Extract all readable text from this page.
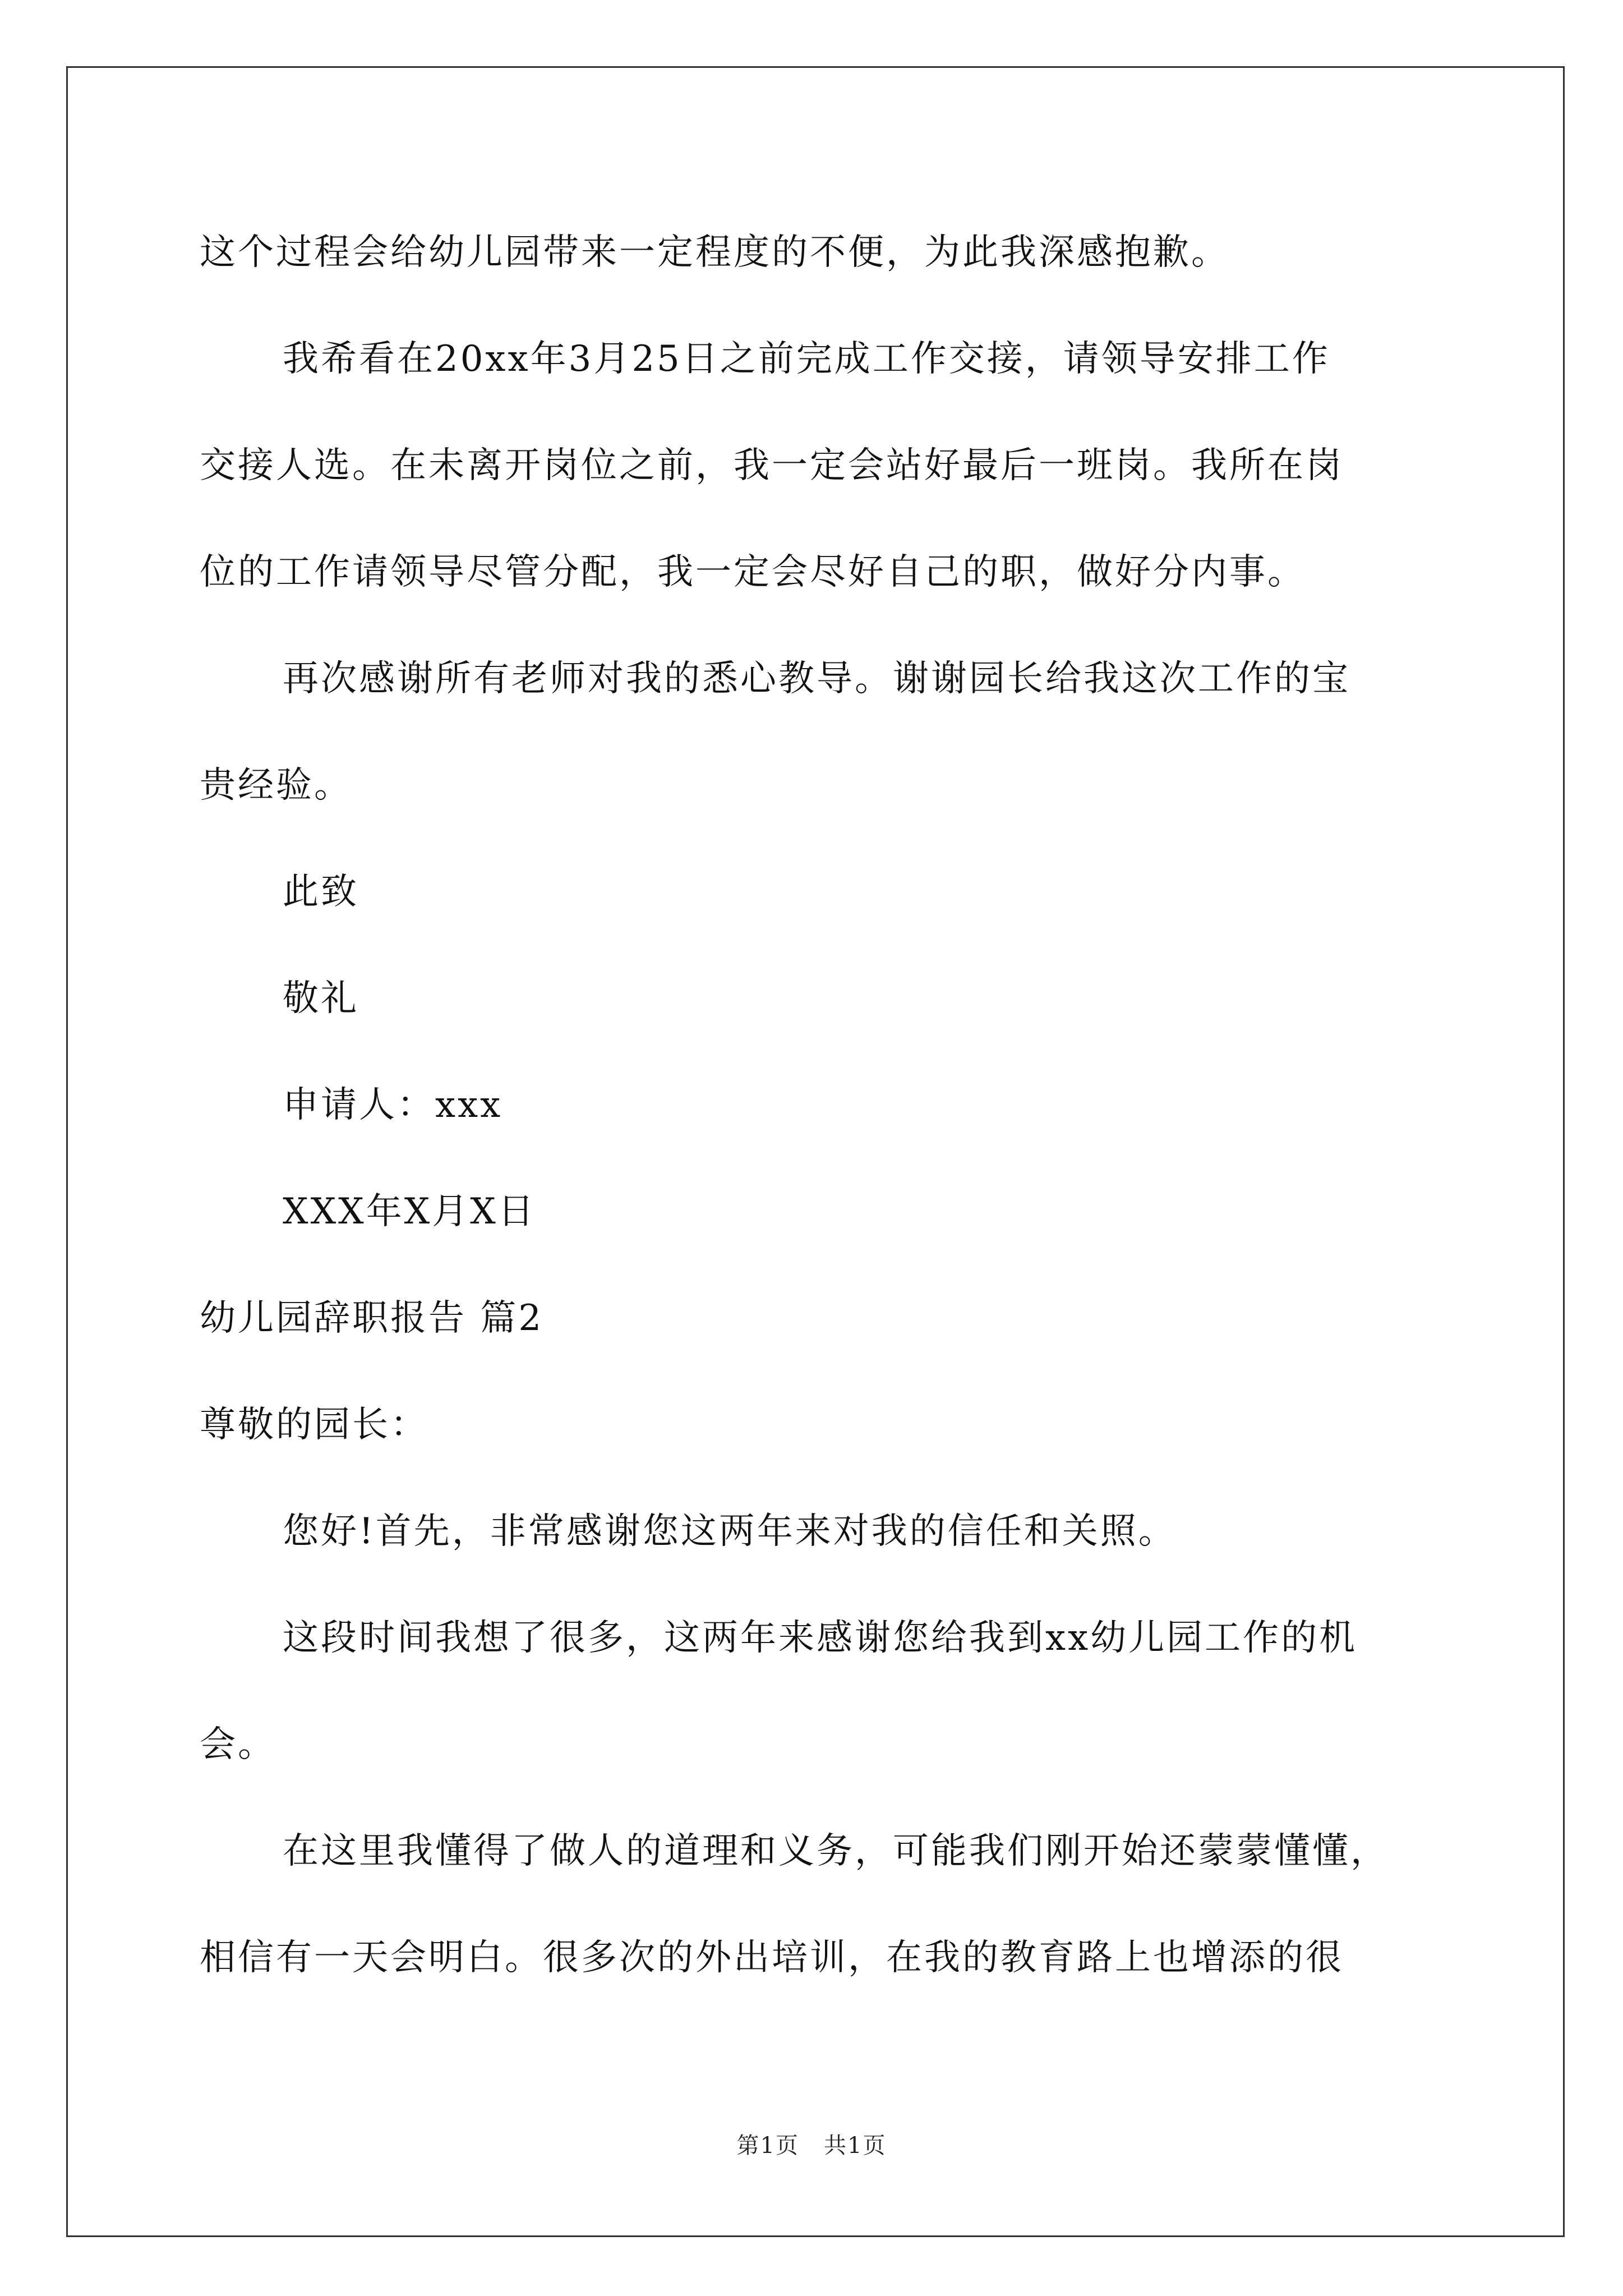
这个过程会给幼儿园带来一定程度的不便，为此我深感抱歉。
我希看在20xx年3月25日之前完成工作交接，请领导安排工作
交接人选。在未离开岗位之前，我一定会站好最后一班岗。我所在岗
位的工作请领导尽管分配，我一定会尽好自己的职，做好分内事。
再次感谢所有老师对我的悉心教导。谢谢园长给我这次工作的宝
贵经验。
此致
敬礼
申请人：xxx
XXX年X月X日
幼儿园辞职报告 篇2
尊敬的园长：
您好!首先，非常感谢您这两年来对我的信任和关照。
这段时间我想了很多，这两年来感谢您给我到xx幼儿园工作的机
会。
在这里我懂得了做人的道理和义务，可能我们刚开始还蒙蒙懂懂，
相信有一天会明白。很多次的外出培训，在我的教育路上也增添的很
第1页 共1页
